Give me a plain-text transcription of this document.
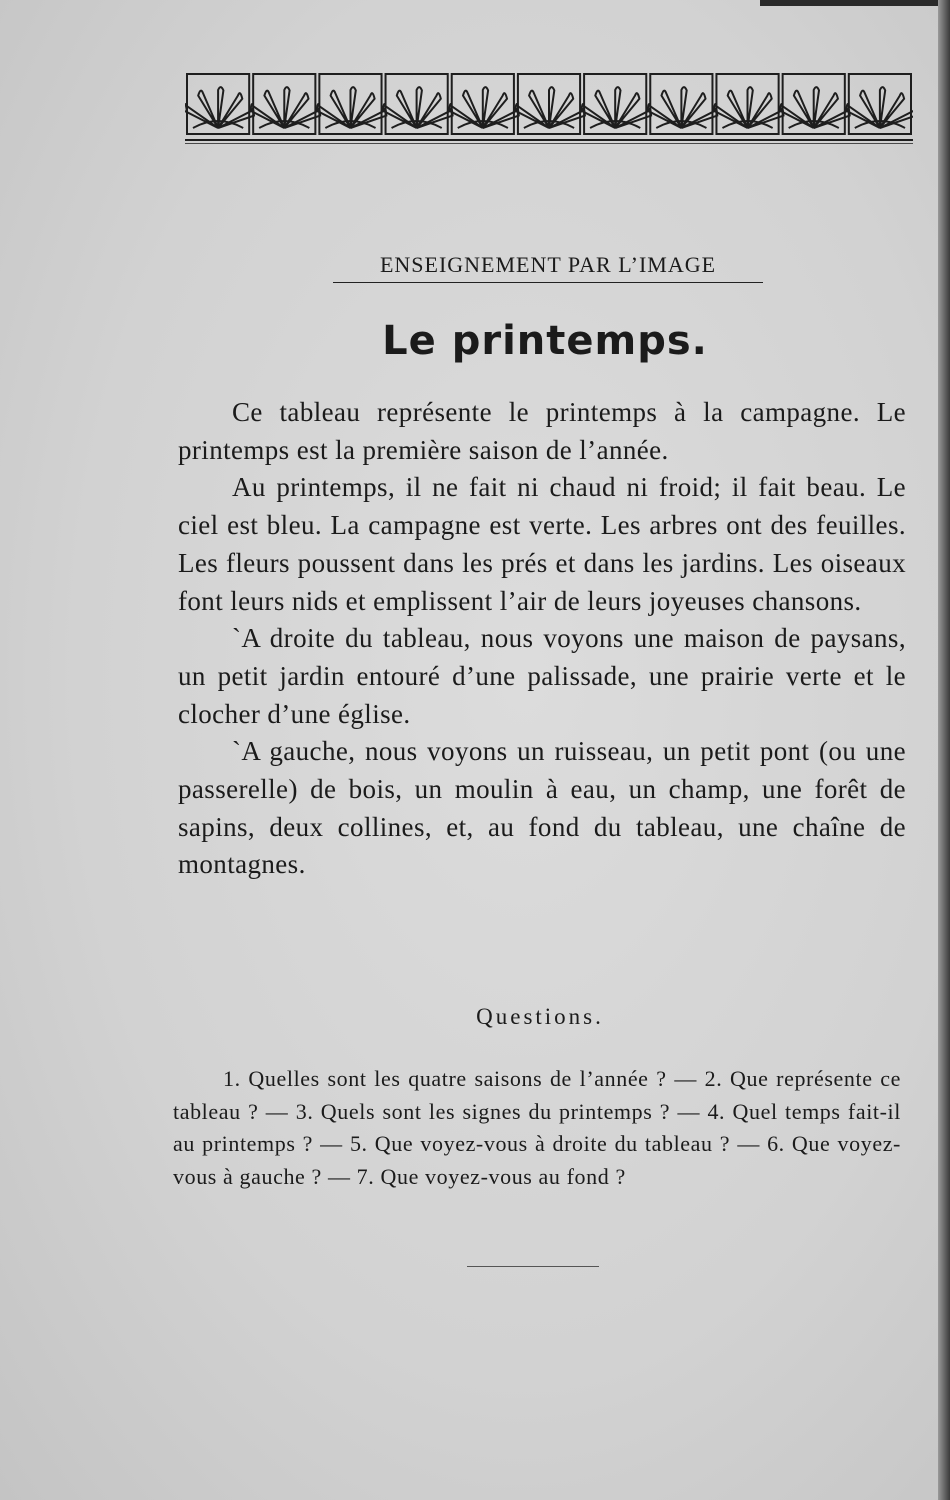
ENSEIGNEMENT PAR L’IMAGE
Le printemps.

Ce tableau représente le printemps à la campagne. Le printemps est la première saison de l’année.

Au printemps, il ne fait ni chaud ni froid; il fait beau. Le ciel est bleu. La campagne est verte. Les arbres ont des feuilles. Les fleurs poussent dans les prés et dans les jardins. Les oiseaux font leurs nids et emplissent l’air de leurs joyeuses chansons.

`A droite du tableau, nous voyons une maison de paysans, un petit jardin entouré d’une palissade, une prairie verte et le clocher d’une église.

`A gauche, nous voyons un ruisseau, un petit pont (ou une passerelle) de bois, un moulin à eau, un champ, une forêt de sapins, deux collines, et, au fond du tableau, une chaîne de montagnes.

Questions.

1. Quelles sont les quatre saisons de l’année ? — 2. Que représente ce tableau ? — 3. Quels sont les signes du printemps ? — 4. Quel temps fait-il au printemps ? — 5. Que voyez-vous à droite du tableau ? — 6. Que voyez-vous à gauche ? — 7. Que voyez-vous au fond ?
